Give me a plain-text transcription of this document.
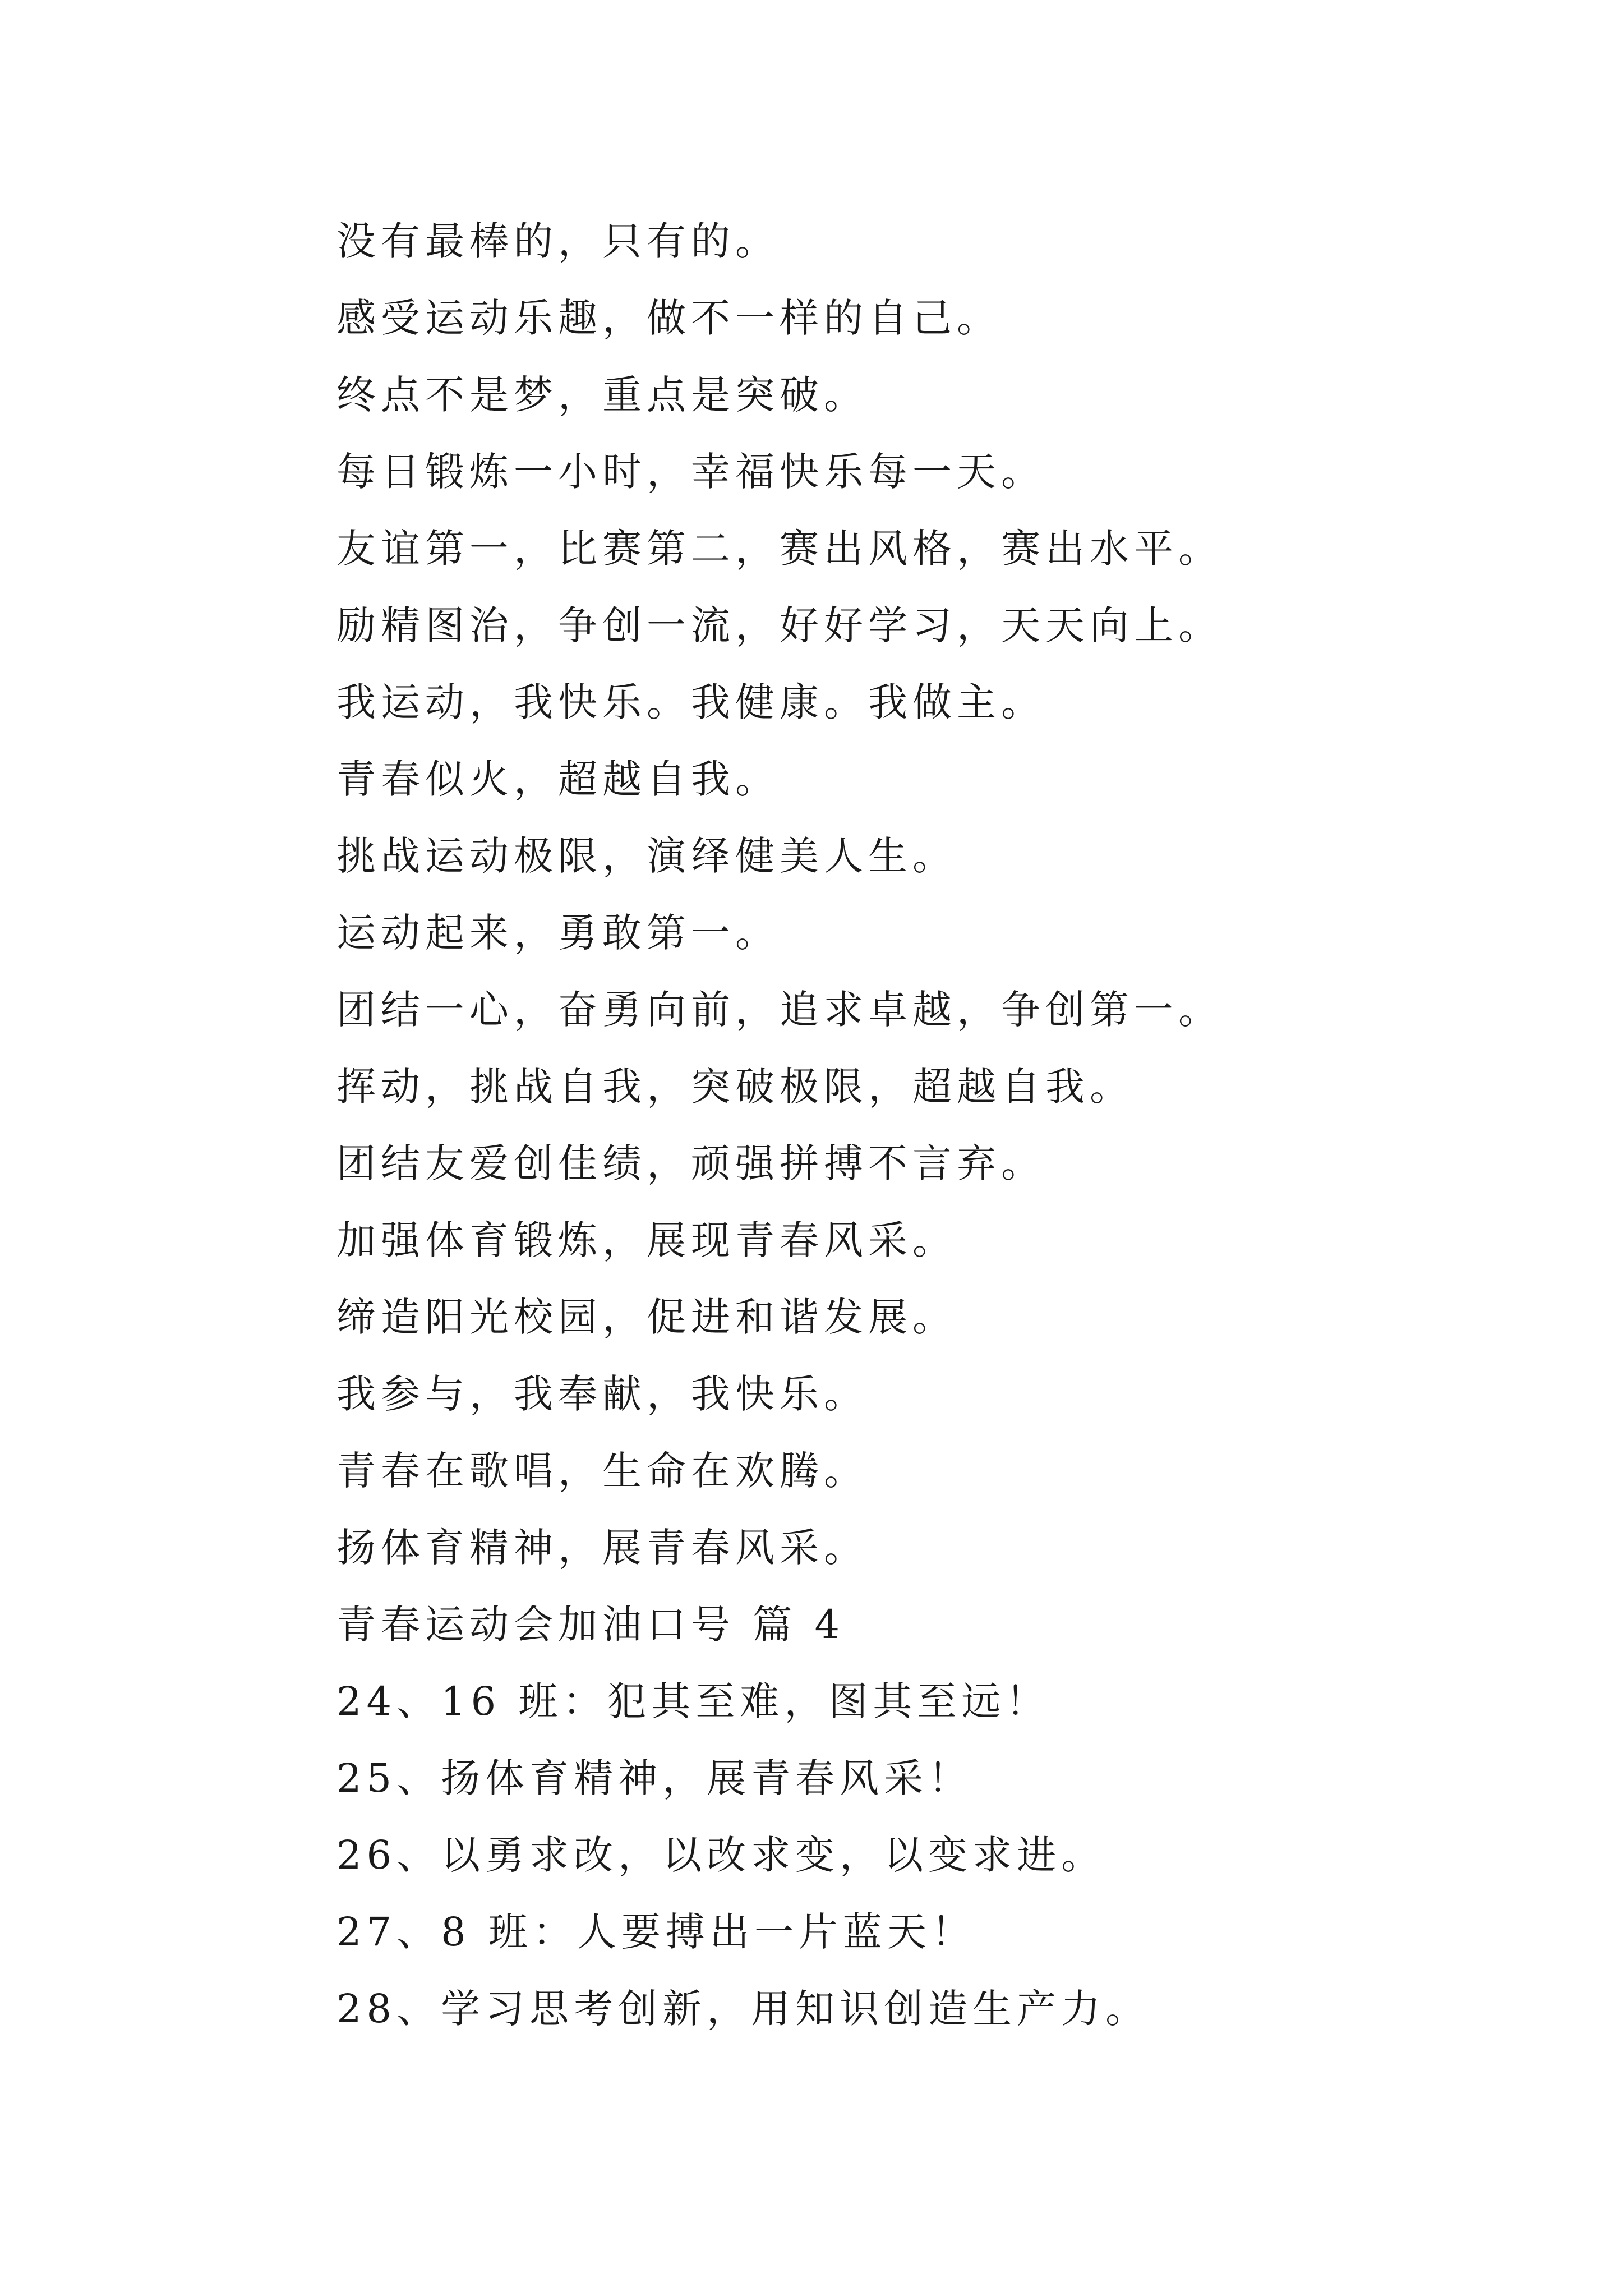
没有最棒的，只有的。
感受运动乐趣，做不一样的自己。
终点不是梦，重点是突破。
每日锻炼一小时，幸福快乐每一天。
友谊第一，比赛第二，赛出风格，赛出水平。
励精图治，争创一流，好好学习，天天向上。
我运动，我快乐。我健康。我做主。
青春似火，超越自我。
挑战运动极限，演绎健美人生。
运动起来，勇敢第一。
团结一心，奋勇向前，追求卓越，争创第一。
挥动，挑战自我，突破极限，超越自我。
团结友爱创佳绩，顽强拼搏不言弃。
加强体育锻炼，展现青春风采。
缔造阳光校园，促进和谐发展。
我参与，我奉献，我快乐。
青春在歌唱，生命在欢腾。
扬体育精神，展青春风采。
青春运动会加油口号 篇 4
24、16 班：犯其至难，图其至远！
25、扬体育精神，展青春风采！
26、以勇求改，以改求变，以变求进。
27、8 班：人要搏出一片蓝天！
28、学习思考创新，用知识创造生产力。
